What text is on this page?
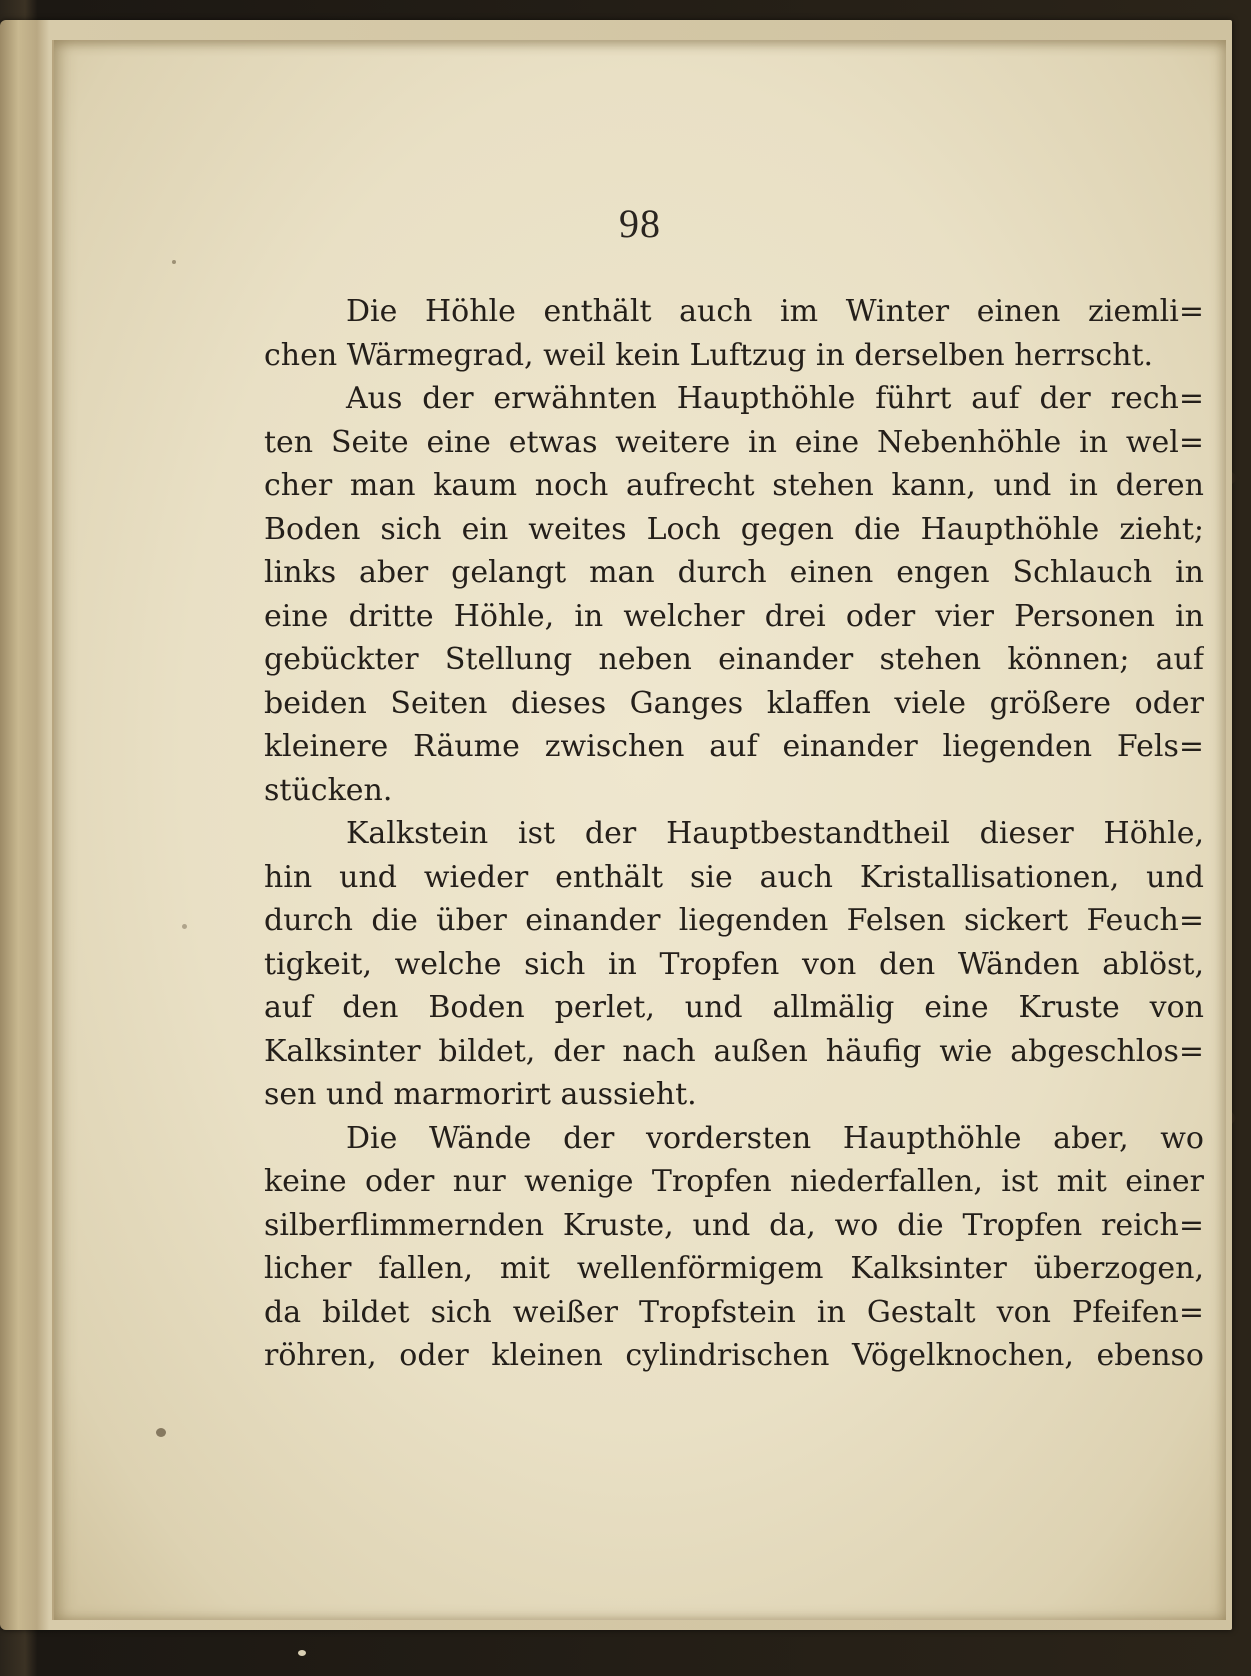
98
Die Höhle enthält auch im Winter einen ziemli=
chen Wärmegrad, weil kein Luftzug in derselben herrscht.
Aus der erwähnten Haupthöhle führt auf der rech=
ten Seite eine etwas weitere in eine Nebenhöhle in wel=
cher man kaum noch aufrecht stehen kann, und in deren
Boden sich ein weites Loch gegen die Haupthöhle zieht;
links aber gelangt man durch einen engen Schlauch in
eine dritte Höhle, in welcher drei oder vier Personen in
gebückter Stellung neben einander stehen können; auf
beiden Seiten dieses Ganges klaffen viele größere oder
kleinere Räume zwischen auf einander liegenden Fels=
stücken.
Kalkstein ist der Hauptbestandtheil dieser Höhle,
hin und wieder enthält sie auch Kristallisationen, und
durch die über einander liegenden Felsen sickert Feuch=
tigkeit, welche sich in Tropfen von den Wänden ablöst,
auf den Boden perlet, und allmälig eine Kruste von
Kalksinter bildet, der nach außen häufig wie abgeschlos=
sen und marmorirt aussieht.
Die Wände der vordersten Haupthöhle aber, wo
keine oder nur wenige Tropfen niederfallen, ist mit einer
silberflimmernden Kruste, und da, wo die Tropfen reich=
licher fallen, mit wellenförmigem Kalksinter überzogen,
da bildet sich weißer Tropfstein in Gestalt von Pfeifen=
röhren, oder kleinen cylindrischen Vögelknochen, ebenso
